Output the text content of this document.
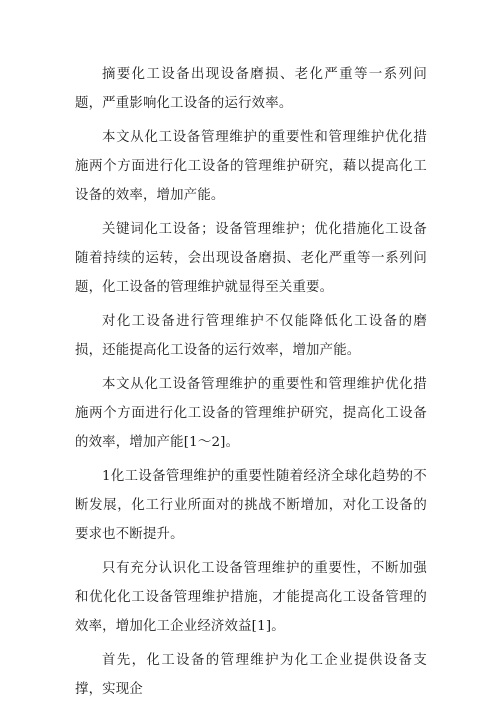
摘要化工设备出现设备磨损、老化严重等一系列问题，严重影响化工设备的运行效率。

本文从化工设备管理维护的重要性和管理维护优化措施两个方面进行化工设备的管理维护研究，藉以提高化工设备的效率，增加产能。

关键词化工设备；设备管理维护；优化措施化工设备随着持续的运转，会出现设备磨损、老化严重等一系列问题，化工设备的管理维护就显得至关重要。

对化工设备进行管理维护不仅能降低化工设备的磨损，还能提高化工设备的运行效率，增加产能。

本文从化工设备管理维护的重要性和管理维护优化措施两个方面进行化工设备的管理维护研究，提高化工设备的效率，增加产能[1～2]。

1化工设备管理维护的重要性随着经济全球化趋势的不断发展，化工行业所面对的挑战不断增加，对化工设备的要求也不断提升。

只有充分认识化工设备管理维护的重要性，不断加强和优化化工设备管理维护措施，才能提高化工设备管理的效率，增加化工企业经济效益[1]。

首先，化工设备的管理维护为化工企业提供设备支撑，实现企
